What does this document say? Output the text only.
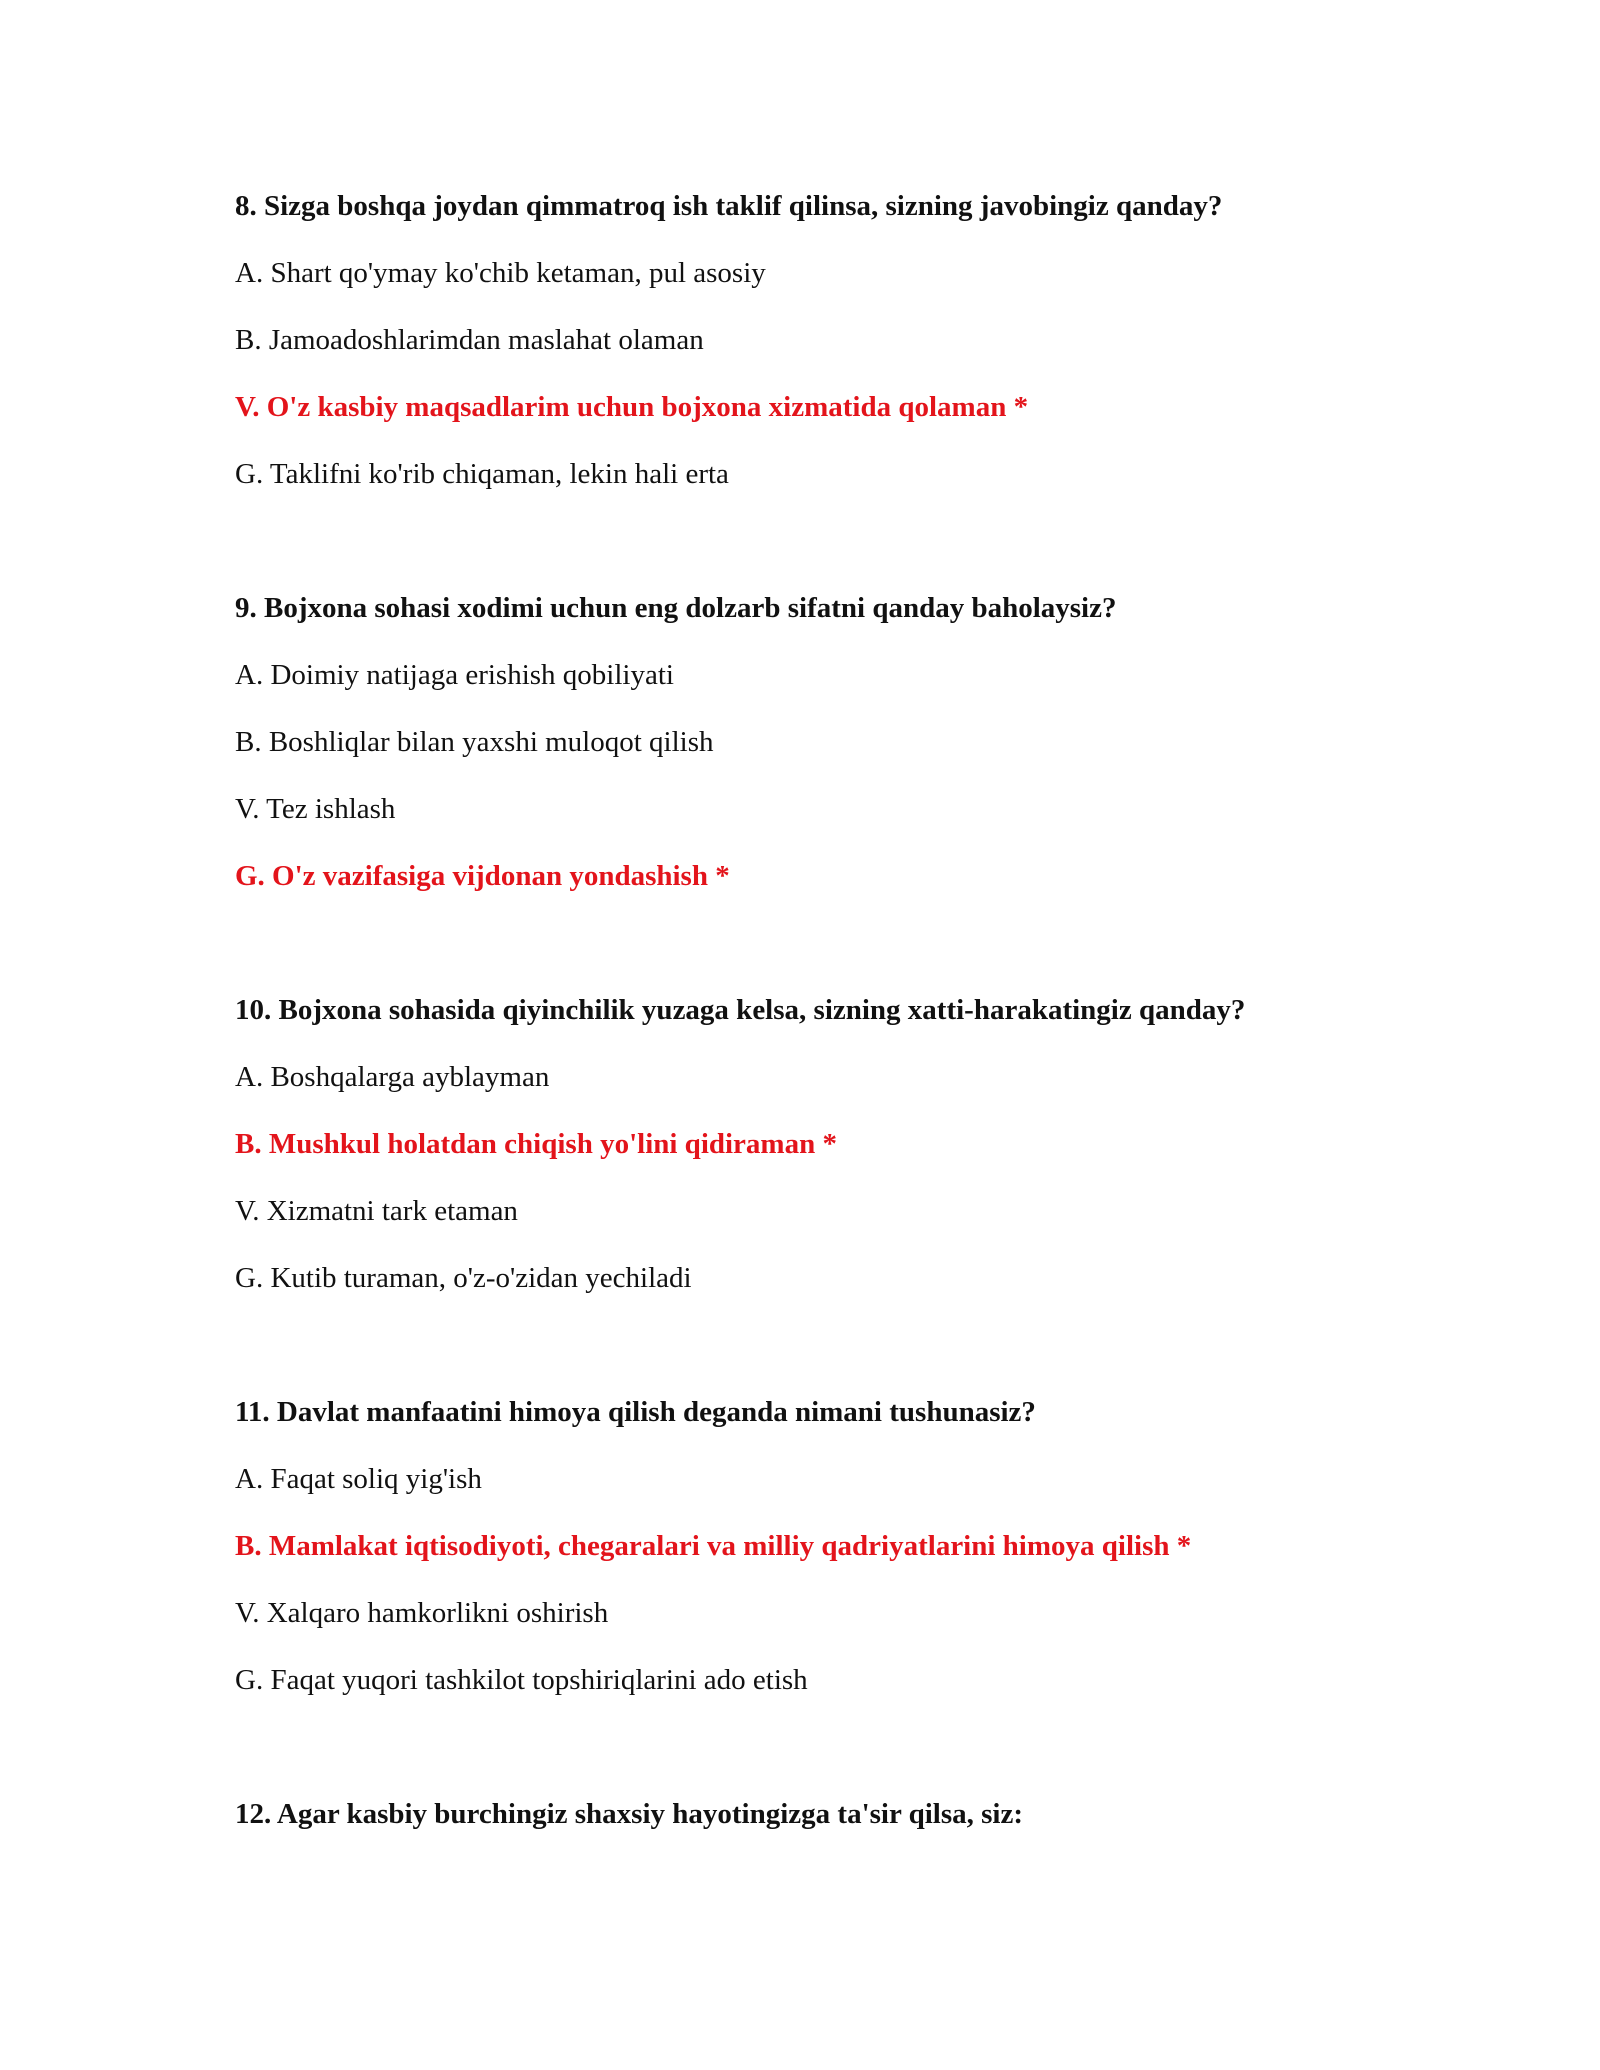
8. Sizga boshqa joydan qimmatroq ish taklif qilinsa, sizning javobingiz qanday?

A. Shart qo'ymay ko'chib ketaman, pul asosiy

B. Jamoadoshlarimdan maslahat olaman

V. O'z kasbiy maqsadlarim uchun bojxona xizmatida qolaman *

G. Taklifni ko'rib chiqaman, lekin hali erta

9. Bojxona sohasi xodimi uchun eng dolzarb sifatni qanday baholaysiz?

A. Doimiy natijaga erishish qobiliyati

B. Boshliqlar bilan yaxshi muloqot qilish

V. Tez ishlash

G. O'z vazifasiga vijdonan yondashish *

10. Bojxona sohasida qiyinchilik yuzaga kelsa, sizning xatti-harakatingiz qanday?

A. Boshqalarga ayblayman

B. Mushkul holatdan chiqish yo'lini qidiraman *

V. Xizmatni tark etaman

G. Kutib turaman, o'z-o'zidan yechiladi

11. Davlat manfaatini himoya qilish deganda nimani tushunasiz?

A. Faqat soliq yig'ish

B. Mamlakat iqtisodiyoti, chegaralari va milliy qadriyatlarini himoya qilish *

V. Xalqaro hamkorlikni oshirish

G. Faqat yuqori tashkilot topshiriqlarini ado etish

12. Agar kasbiy burchingiz shaxsiy hayotingizga ta'sir qilsa, siz:
